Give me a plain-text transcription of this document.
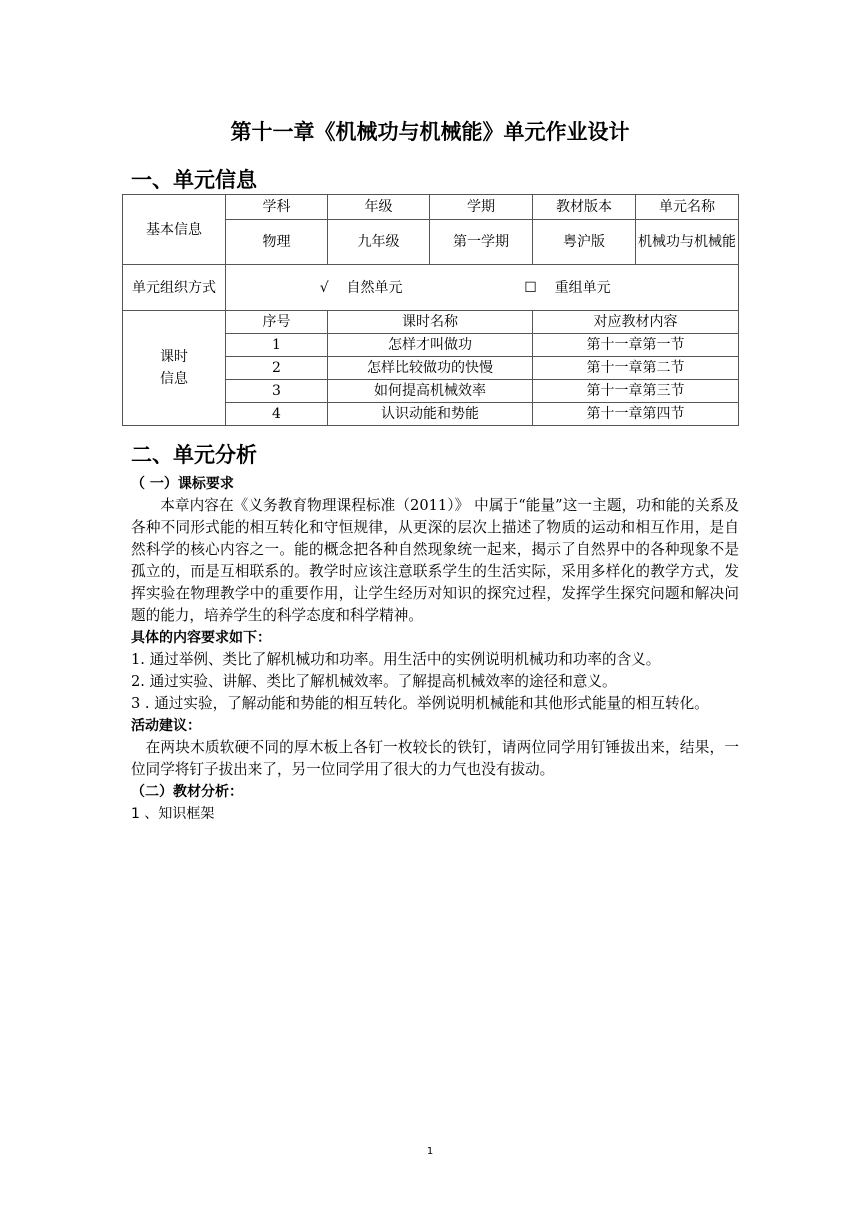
第十一章《机械功与机械能》单元作业设计
一、单元信息
基本信息	学科	年级	学期	教材版本	单元名称
	物理	九年级	第一学期	粤沪版	机械功与机械能
单元组织方式	√ 自然单元 ☐ 重组单元				

课时
信息	序号	课时名称		对应教材内容	
	1	怎样才叫做功		第十一章第一节	
	2	怎样比较做功的快慢		第十一章第二节	
	3	如何提高机械效率		第十一章第三节	
	4	认识动能和势能		第十一章第四节	
二、单元分析
（ 一）课标要求

本章内容在《义务教育物理课程标准（2011）》 中属于“能量”这一主题，功和能的关系及各种不同形式能的相互转化和守恒规律，从更深的层次上描述了物质的运动和相互作用，是自然科学的核心内容之一。能的概念把各种自然现象统一起来，揭示了自然界中的各种现象不是孤立的，而是互相联系的。教学时应该注意联系学生的生活实际，采用多样化的教学方式，发挥实验在物理教学中的重要作用，让学生经历对知识的探究过程，发挥学生探究问题和解决问题的能力，培养学生的科学态度和科学精神。

具体的内容要求如下：

1. 通过举例、类比了解机械功和功率。用生活中的实例说明机械功和功率的含义。

2. 通过实验、讲解、类比了解机械效率。了解提高机械效率的途径和意义。

3 . 通过实验，了解动能和势能的相互转化。举例说明机械能和其他形式能量的相互转化。

活动建议：

在两块木质软硬不同的厚木板上各钉一枚较长的铁钉，请两位同学用钉锤拔出来，结果，一位同学将钉子拔出来了，另一位同学用了很大的力气也没有拔动。

（二）教材分析：

1 、知识框架

1
